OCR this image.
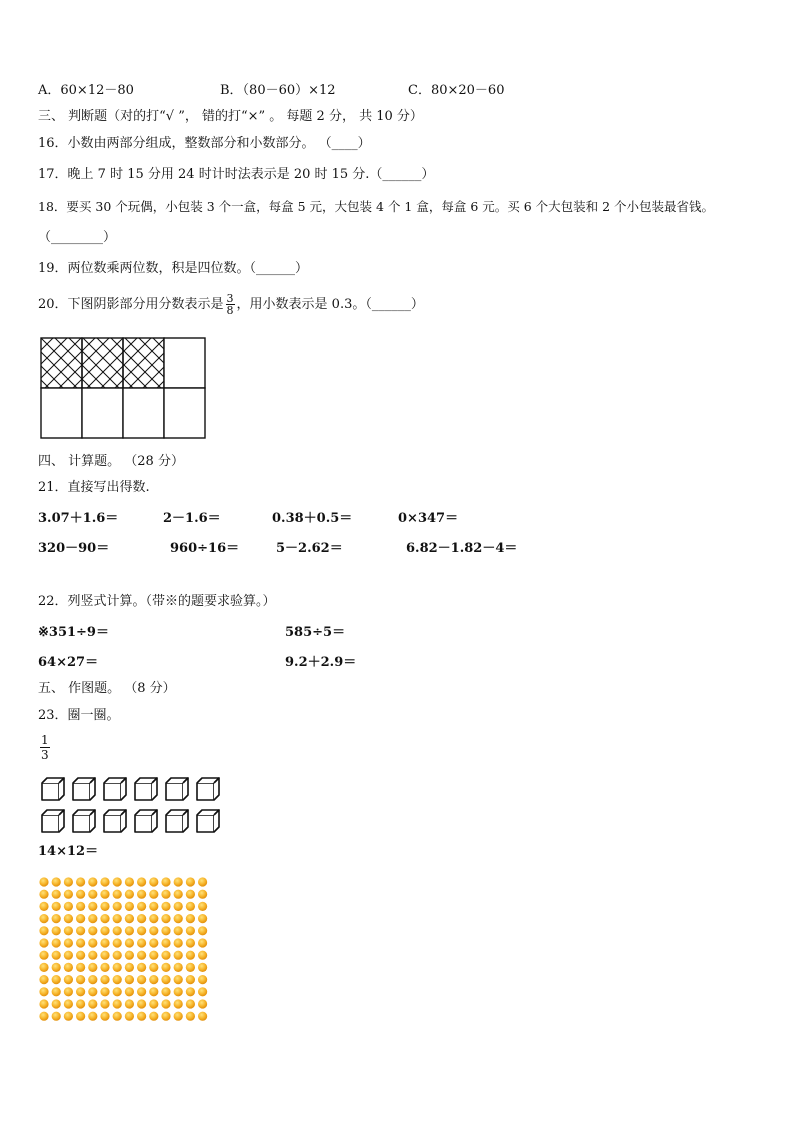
A．60×12－80	B．（80－60）×12	C．80×20－60
三、 判断题（对的打“√ ”， 错的打“×” 。 每题 2 分， 共 10 分）
16．小数由两部分组成，整数部分和小数部分。 （____）
17．晚上 7 时 15 分用 24 时计时法表示是 20 时 15 分.（______）
18．要买 30 个玩偶，小包装 3 个一盒，每盒 5 元，大包装 4 个 1 盒，每盒 6 元。买 6 个大包装和 2 个小包装最省钱。
（________）
19．两位数乘两位数，积是四位数。（______）
20．下图阴影部分用分数表示是 $\frac{3}{8}$ ，用小数表示是 0.3。（______）
四、 计算题。 （28 分）
21．直接写出得数.
3.07＋1.6＝	2－1.6＝	0.38＋0.5＝	0×347＝
320－90＝	960÷16＝	5－2.62＝	6.82－1.82－4＝
22．列竖式计算。（带※的题要求验算。）
※351÷9＝	585÷5＝
64×27＝	9.2＋2.9＝
五、 作图题。 （8 分）
23．圈一圈。
$\frac{1}{3}$
14×12＝
